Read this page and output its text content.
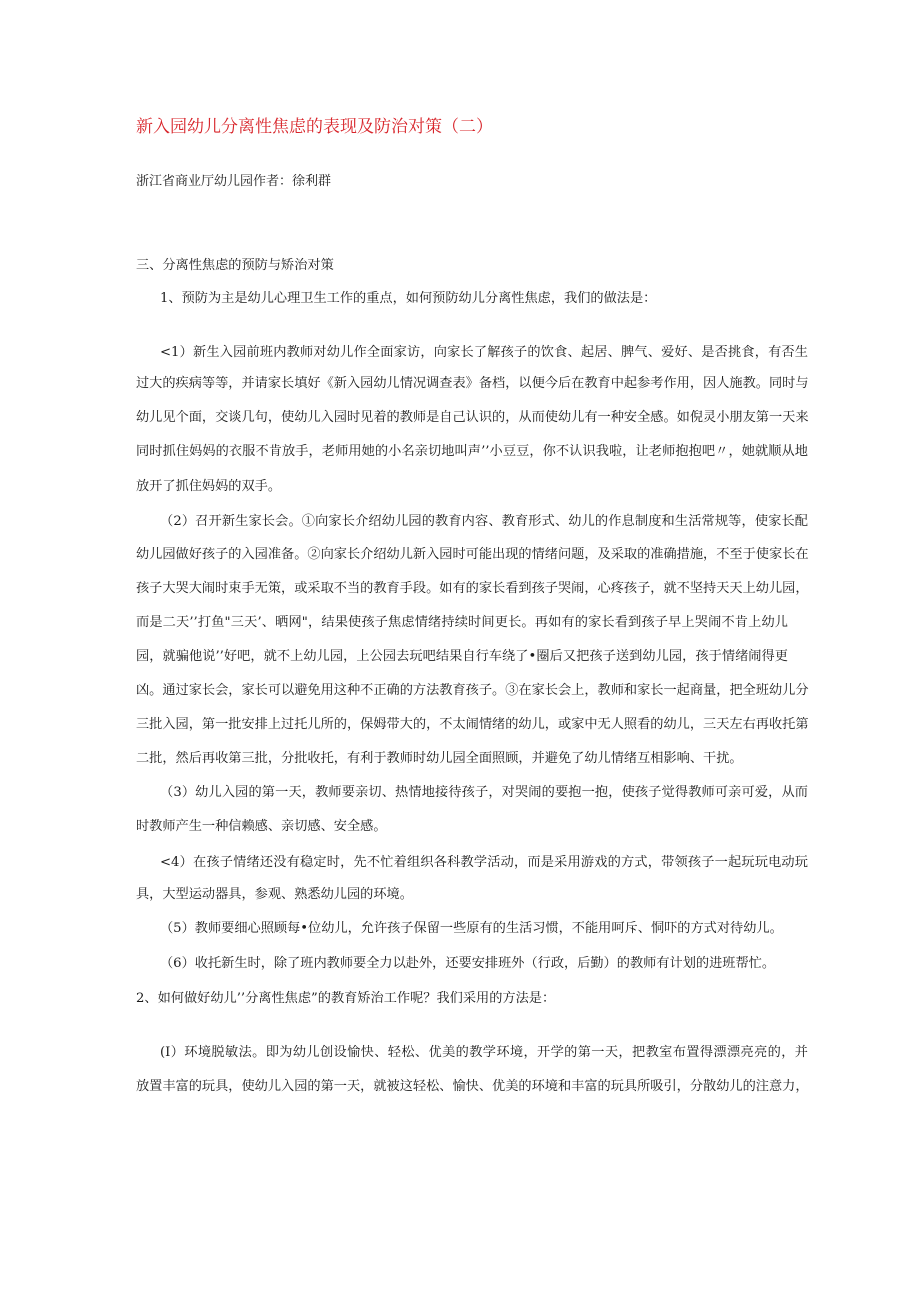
新入园幼儿分离性焦虑的表现及防治对策（二）
浙江省商业厅幼儿园作者：徐利群
三、分离性焦虑的预防与矫治对策
1、预防为主是幼儿心理卫生工作的重点，如何预防幼儿分离性焦虑，我们的做法是：
<1）新生入园前班内教师对幼儿作全面家访，向家长了解孩子的饮食、起居、脾气、爱好、是否挑食，有否生
过大的疾病等等，并请家长填好《新入园幼儿情况调查表》备档，以便今后在教育中起参考作用，因人施教。同时与
幼儿见个面，交谈几句，使幼儿入园时见着的教师是自己认识的，从而使幼儿有一种安全感。如倪灵小朋友第一天来
同时抓住妈妈的衣服不肯放手，老师用她的小名亲切地叫声’’小豆豆，你不认识我啦，让老师抱抱吧〃，她就顺从地
放开了抓住妈妈的双手。
（2）召开新生家长会。①向家长介绍幼儿园的教育内容、教育形式、幼儿的作息制度和生活常规等，使家长配
幼儿园做好孩子的入园准备。②向家长介绍幼儿新入园时可能出现的情绪问题，及采取的准确措施，不至于使家长在
孩子大哭大闹时束手无策，或采取不当的教育手段。如有的家长看到孩子哭闹，心疼孩子，就不坚持天天上幼儿园，
而是二天’’打鱼"三天’、晒网"，结果使孩子焦虑情绪持续时间更长。再如有的家长看到孩子早上哭闹不肯上幼儿
园，就骗他说’’好吧，就不上幼儿园，上公园去玩吧结果自行车绕了•圈后又把孩子送到幼儿园，孩于情绪闹得更
凶。通过家长会，家长可以避免用这种不正确的方法教育孩子。③在家长会上，教师和家长一起商量，把全班幼儿分
三批入园，第一批安排上过托儿所的，保姆带大的，不太闹情绪的幼儿，或家中无人照看的幼儿，三天左右再收托第
二批，然后再收第三批，分批收托，有利于教师时幼儿园全面照顾，并避免了幼儿情绪互相影响、干扰。
（3）幼儿入园的第一天，教师要亲切、热情地接待孩子，对哭闹的要抱一抱，使孩子觉得教师可亲可爱，从而
时教师产生一种信赖感、亲切感、安全感。
<4）在孩子情绪还没有稳定时，先不忙着组织各科教学活动，而是采用游戏的方式，带领孩子一起玩玩电动玩
具，大型运动器具，参观、熟悉幼儿园的环境。
（5）教师要细心照顾每•位幼儿，允许孩子保留一些原有的生活习惯，不能用呵斥、恫吓的方式对待幼儿。
（6）收托新生时，除了班内教师要全力以赴外，还要安排班外（行政，后勤）的教师有计划的进班帮忙。
2、如何做好幼儿’’分离性焦虑”的教育矫治工作呢？我们采用的方法是：
(I）环境脱敏法。即为幼儿创设愉快、轻松、优美的教学环境，开学的第一天，把教室布置得漂漂亮亮的，并
放置丰富的玩具，使幼儿入园的第一天，就被这轻松、愉快、优美的环境和丰富的玩具所吸引，分散幼儿的注意力，
